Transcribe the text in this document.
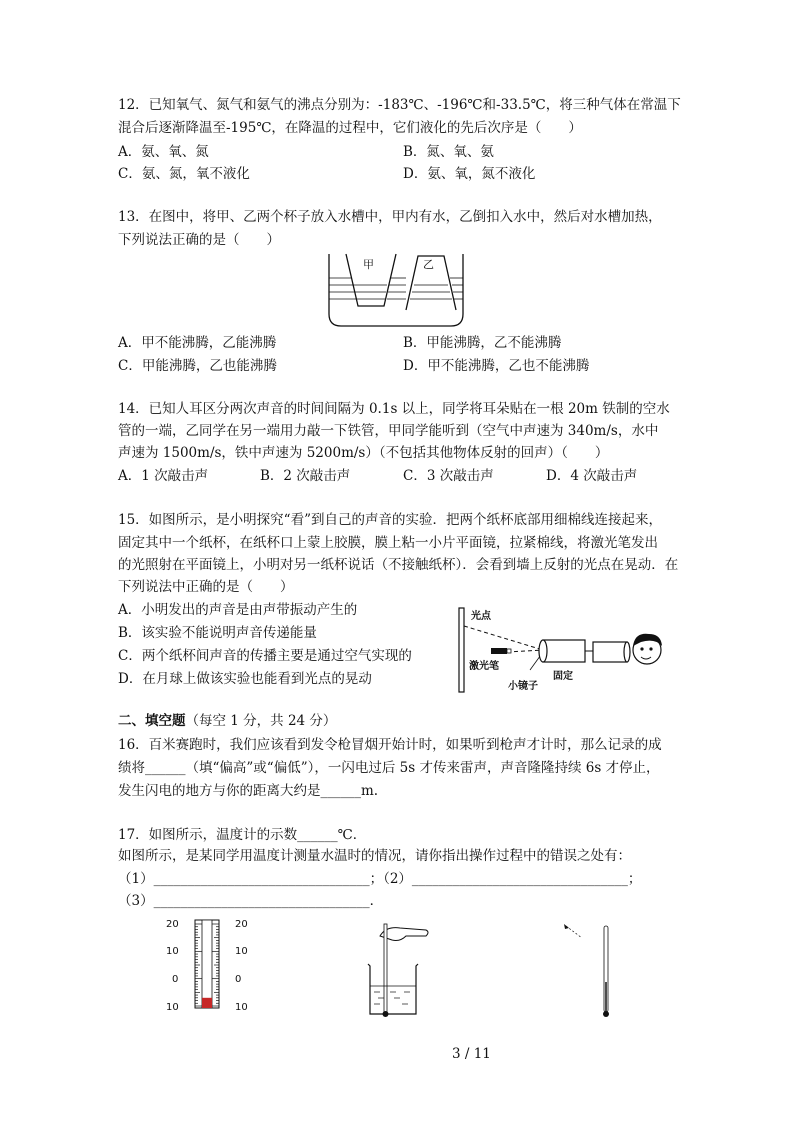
12．已知氧气、氮气和氨气的沸点分别为：-183℃、-196℃和-33.5℃，将三种气体在常温下
混合后逐渐降温至-195℃，在降温的过程中，它们液化的先后次序是（　　）
A．氨、氧、氮	B．氮、氧、氨
C．氨、氮，氧不液化	D．氨、氧，氮不液化
13．在图中，将甲、乙两个杯子放入水槽中，甲内有水，乙倒扣入水中，然后对水槽加热，
下列说法正确的是（　　）
甲	乙
A．甲不能沸腾，乙能沸腾	B．甲能沸腾，乙不能沸腾
C．甲能沸腾，乙也能沸腾	D．甲不能沸腾，乙也不能沸腾
14．已知人耳区分两次声音的时间间隔为 0.1s 以上，同学将耳朵贴在一根 20m 铁制的空水
管的一端，乙同学在另一端用力敲一下铁管，甲同学能听到（空气中声速为 340m/s，水中
声速为 1500m/s，铁中声速为 5200m/s）（不包括其他物体反射的回声）（　　）
A．1 次敲击声	B．2 次敲击声	C．3 次敲击声	D．4 次敲击声
15．如图所示，是小明探究“看”到自己的声音的实验．把两个纸杯底部用细棉线连接起来，
固定其中一个纸杯，在纸杯口上蒙上胶膜，膜上粘一小片平面镜，拉紧棉线，将激光笔发出
的光照射在平面镜上，小明对另一纸杯说话（不接触纸杯）．会看到墙上反射的光点在晃动．在
下列说法中正确的是（　　）
A．小明发出的声音是由声带振动产生的
B．该实验不能说明声音传递能量
C．两个纸杯间声音的传播主要是通过空气实现的
D．在月球上做该实验也能看到光点的晃动
光点
激光笔
固定
小镜子
二、填空题（每空 1 分，共 24 分）
16．百米赛跑时，我们应该看到发令枪冒烟开始计时，如果听到枪声才计时，那么记录的成
绩将______（填“偏高”或“偏低”），一闪电过后 5s 才传来雷声，声音隆隆持续 6s 才停止，
发生闪电的地方与你的距离大约是______m.
17．如图所示，温度计的示数______℃．
如图所示，是某同学用温度计测量水温时的情况，请你指出操作过程中的错误之处有：
（1）________________________________；（2）________________________________；
（3）________________________________．
20
10
0
10
20
10
0
10
3 / 11
